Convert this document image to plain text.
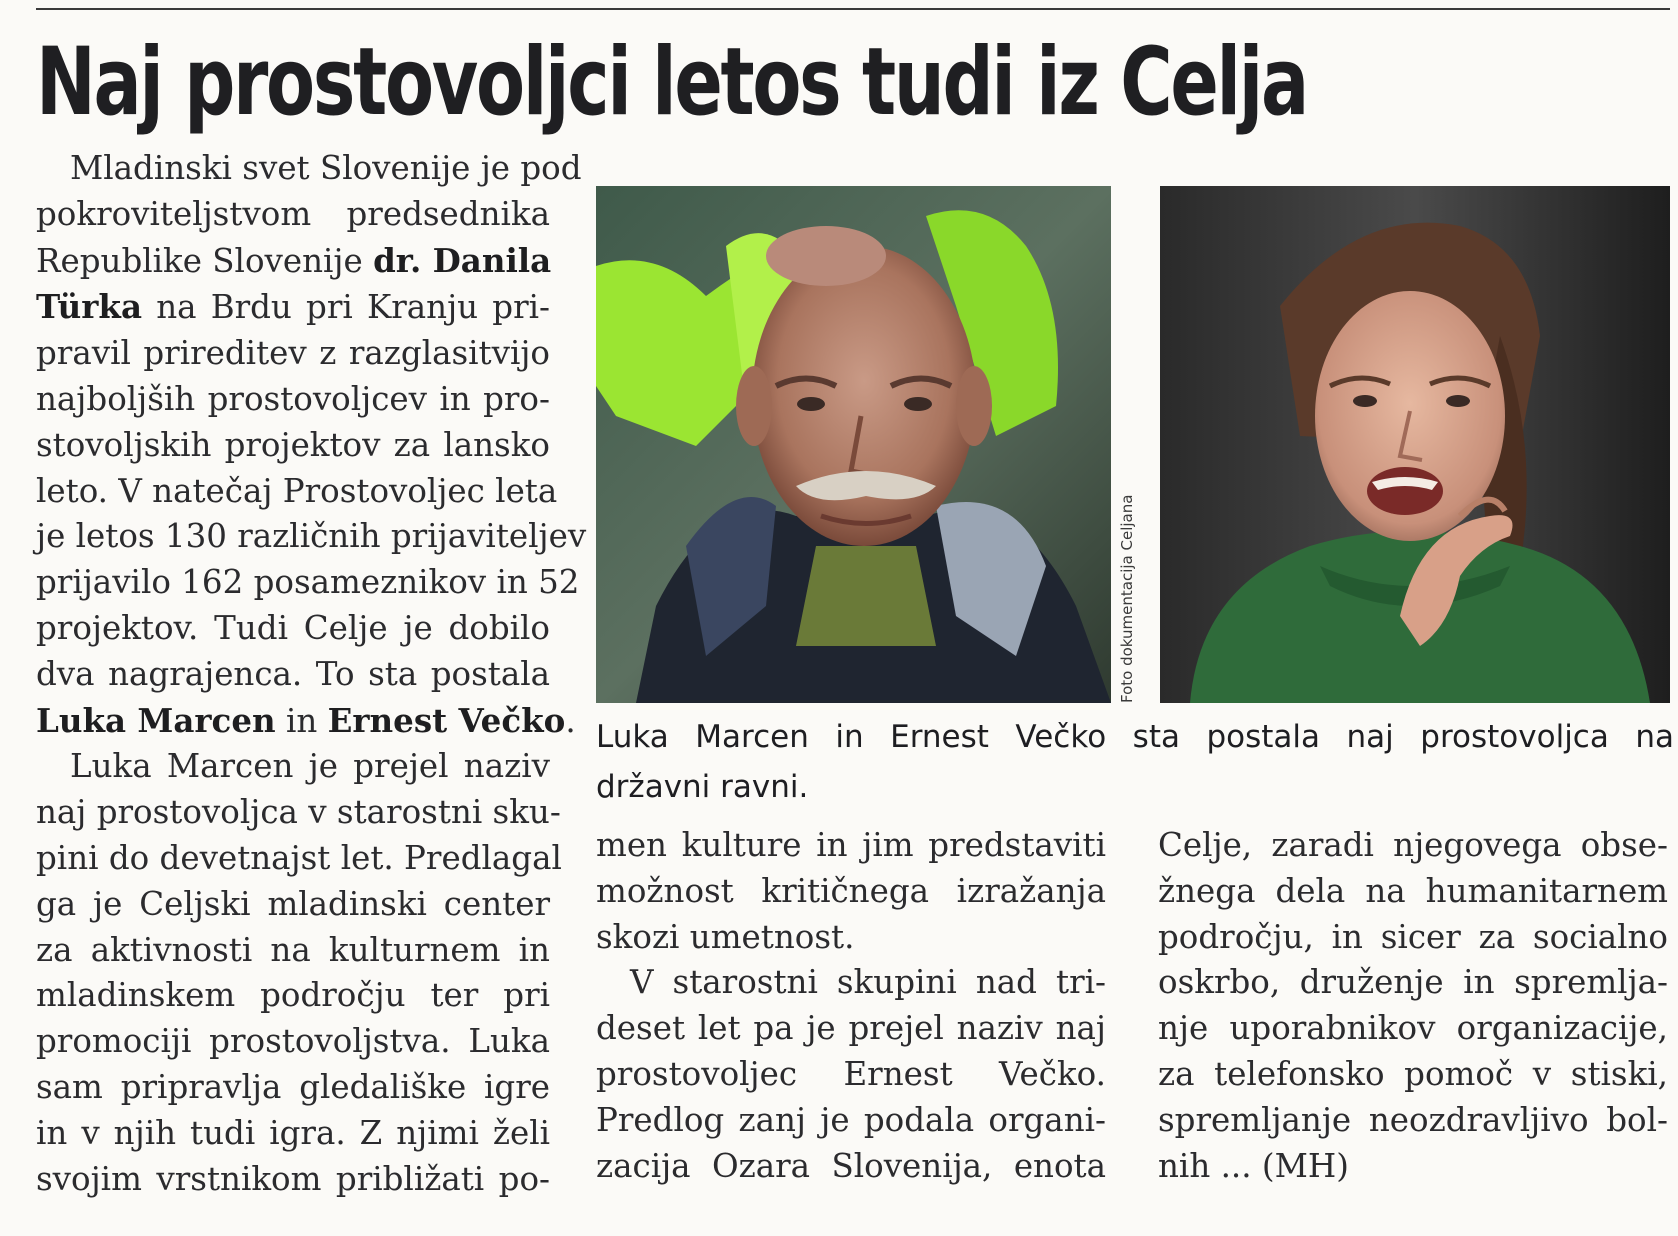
Naj prostovoljci letos tudi iz Celja
Mladinski svet Slovenije je pod
pokroviteljstvom predsednika
Republike Slovenije dr. Danila
Türka na Brdu pri Kranju pri-
pravil prireditev z razglasitvijo
najboljših prostovoljcev in pro-
stovoljskih projektov za lansko
leto. V natečaj Prostovoljec leta
je letos 130 različnih prijaviteljev
prijavilo 162 posameznikov in 52
projektov. Tudi Celje je dobilo
dva nagrajenca. To sta postala
Luka Marcen in Ernest Večko.
Luka Marcen je prejel naziv
naj prostovoljca v starostni sku-
pini do devetnajst let. Predlagal
ga je Celjski mladinski center
za aktivnosti na kulturnem in
mladinskem področju ter pri
promociji prostovoljstva. Luka
sam pripravlja gledališke igre
in v njih tudi igra. Z njimi želi
svojim vrstnikom približati po-
Foto dokumentacija Celjana
Luka Marcen in Ernest Večko sta postala naj prostovoljca na
državni ravni.
men kulture in jim predstaviti
možnost kritičnega izražanja
skozi umetnost.
V starostni skupini nad tri-
deset let pa je prejel naziv naj
prostovoljec Ernest Večko.
Predlog zanj je podala organi-
zacija Ozara Slovenija, enota
Celje, zaradi njegovega obse-
žnega dela na humanitarnem
področju, in sicer za socialno
oskrbo, druženje in spremlja-
nje uporabnikov organizacije,
za telefonsko pomoč v stiski,
spremljanje neozdravljivo bol-
nih ... (MH)
